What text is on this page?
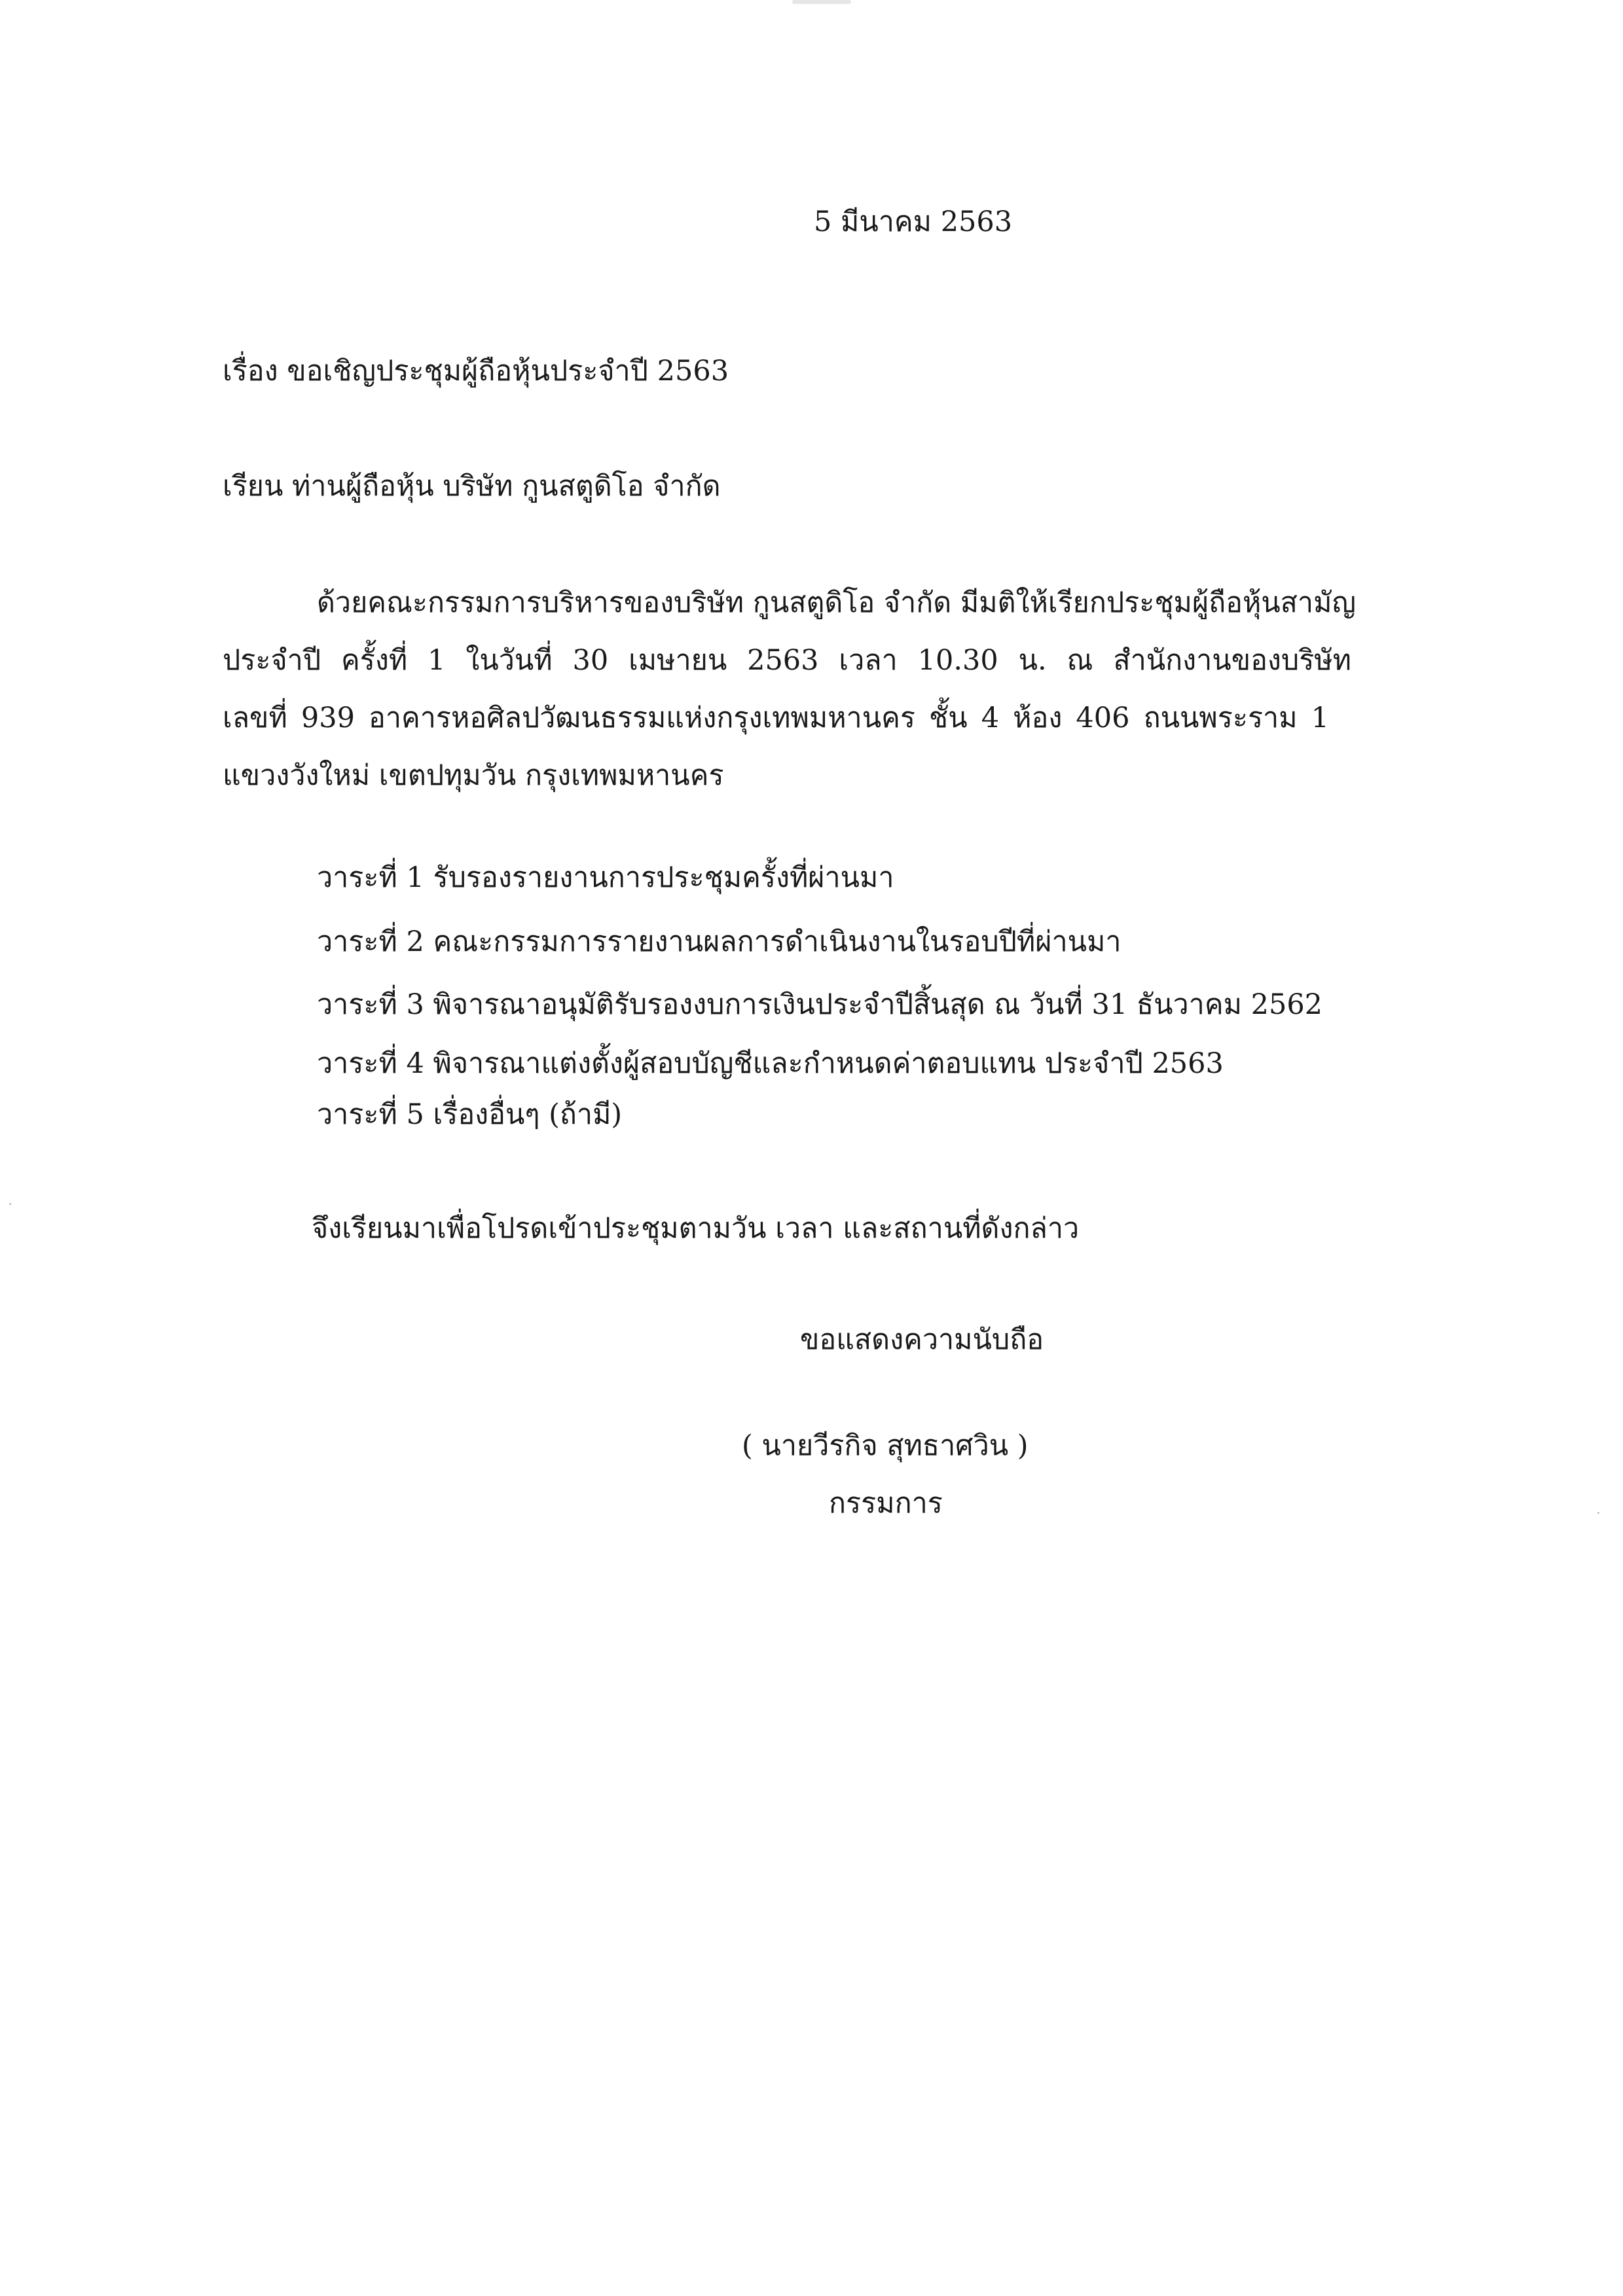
5 มีนาคม 2563
เรื่อง ขอเชิญประชุมผู้ถือหุ้นประจำปี 2563
เรียน ท่านผู้ถือหุ้น บริษัท กูนสตูดิโอ จำกัด
ด้วยคณะกรรมการบริหารของบริษัท กูนสตูดิโอ จำกัด มีมติให้เรียกประชุมผู้ถือหุ้นสามัญ
ประจำปี ครั้งที่ 1 ในวันที่ 30 เมษายน 2563 เวลา 10.30 น. ณ สำนักงานของบริษัท
เลขที่ 939 อาคารหอศิลปวัฒนธรรมแห่งกรุงเทพมหานคร ชั้น 4 ห้อง 406 ถนนพระราม 1
แขวงวังใหม่ เขตปทุมวัน กรุงเทพมหานคร
วาระที่ 1 รับรองรายงานการประชุมครั้งที่ผ่านมา
วาระที่ 2 คณะกรรมการรายงานผลการดำเนินงานในรอบปีที่ผ่านมา
วาระที่ 3 พิจารณาอนุมัติรับรองงบการเงินประจำปีสิ้นสุด ณ วันที่ 31 ธันวาคม 2562
วาระที่ 4 พิจารณาแต่งตั้งผู้สอบบัญชีและกำหนดค่าตอบแทน ประจำปี 2563
วาระที่ 5 เรื่องอื่นๆ (ถ้ามี)
จึงเรียนมาเพื่อโปรดเข้าประชุมตามวัน เวลา และสถานที่ดังกล่าว
ขอแสดงความนับถือ
( นายวีรกิจ สุทธาศวิน )
กรรมการ
